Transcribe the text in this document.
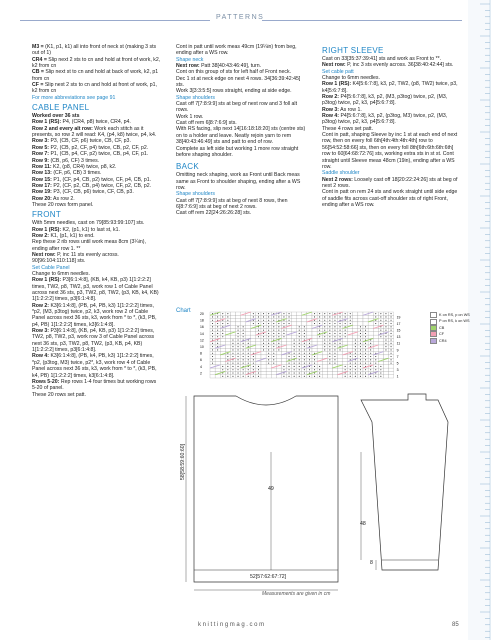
PATTERNS

M3 = (K1, p1, k1) all into front of neck st (making 3 sts out of 1)

CR4 = Slip next 2 sts to cn and hold at front of work, k2, k2 from cn

CB = Slip next st to cn and hold at back of work, k2, p1 from cn

CF = Slip next 2 sts to cn and hold at front of work, p1, k2 from cn

For more abbreviations see page 91

CABLE PANEL

Worked over 36 sts

Row 1 (RS): P4, (CR4, p8) twice, CR4, p4.

Row 2 and every alt row: Work each stitch as it presents, so row 2 will read: K4, (p4, k8) twice, p4, k4.

Row 3: P3, (CB, CF, p6) twice, CB, CF, p3.

Row 5: P2, (CB, p2, CF, p4) twice, CB, p2, CF, p2.

Row 7: P1, (CB, p4, CF, p2) twice, CB, p4, CF, p1.

Row 9: (CB, p6, CF) 3 times.

Row 11: K2, (p8, CR4) twice, p8, k2.

Row 13: (CF, p6, CB) 3 times.

Row 15: P1, (CF, p4, CB, p2) twice, CF, p4, CB, p1.

Row 17: P2, (CF, p2, CB, p4) twice, CF, p2, CB, p2.

Row 19: P3, (CF, CB, p6) twice, CF, CB, p3.

Row 20: As row 2.

These 20 rows form panel.

FRONT

With 5mm needles, cast on 79[85:93:99:107] sts.

Row 1 (RS): K2, (p1, k1) to last st, k1.

Row 2: K1, (p1, k1) to end.

Rep these 2 rib rows until work meas 8cm (3¼in), ending after row 1. **

Next row: P, inc 11 sts evenly across. 90[96:104:110:118] sts.

Set Cable Panel

Change to 6mm needles.

Row 1 (RS): P3[6:1:4:8], (KB, k4, KB, p3) 1[1:2:2:2] times, TW2, p8, TW2, p3, work row 1 of Cable Panel across next 36 sts, p3, TW2, p8, TW2, (p3, KB, k4, KB) 1[1:2:2:2] times, p3[6:1:4:8].

Row 2: K3[6:1:4:8], (PB, p4, PB, k3) 1[1:2:2:2] times, *p2, (M3, p3tog) twice, p2, k3, work row 2 of Cable Panel across next 36 sts, k3, work from * to *, (k3, PB, p4, PB) 1[1:2:2:2] times, k3[6:1:4:8].

Row 3: P3[6:1:4:8], (KB, p4, KB, p3) 1[1:2:2:2] times, TW2, p8, TW2, p3, work row 3 of Cable Panel across next 36 sts, p3, TW2, p8, TW2, (p3, KB, p4, KB) 1[1:2:2:2] times, p3[6:1:4:8].

Row 4: K3[6:1:4:8], (PB, k4, PB, k3) 1[1:2:2:2] times, *p2, (p3tog, M3) twice, p2*, k3, work row 4 of Cable Panel across next 36 sts, k3, work from * to *, (k3, PB, k4, PB) 1[1:2:2:2] times, k3[6:1:4:8].

Rows 5-20: Rep rows 1-4 four times but working rows 5-20 of panel.

These 20 rows set patt.

Cont in patt until work meas 49cm (19¼in) from beg, ending after a WS row.

Shape neck

Next row: Patt 38[40:43:46:49], turn.

Cont on this group of sts for left half of Front neck.
Dec 1 st at neck edge on next 4 rows. 34[36:39:42:45] sts.
Work 3[3:3:5:5] rows straight, ending at side edge.

Shape shoulders

Cast off 7[7:8:9:9] sts at beg of next row and 3 foll alt rows.
Work 1 row.
Cast off rem 6[8:7:6:9] sts.
With RS facing, slip next 14[16:18:18:20] sts (centre sts) on to a holder and leave. Neatly rejoin yarn to rem 38[40:43:46:49] sts and patt to end of row.
Complete as left side but working 1 more row straight before shaping shoulder.

BACK

Omitting neck shaping, work as Front until Back meas same as Front to shoulder shaping, ending after a WS row.

Shape shoulders

Cast off 7[7:8:9:9] sts at beg of next 8 rows, then 6[8:7:6:9] sts at beg of next 2 rows.
Cast off rem 22[24:26:26:28] sts.

RIGHT SLEEVE

Cast on 33[35:37:39:41] sts and work as Front to **.

Next row: P, inc 3 sts evenly across. 36[38:40:42:44] sts.

Set cable patt

Change to 6mm needles.

Row 1 (RS): K4[5:6:7:8], k3, p2, TW2, (p8, TW2) twice, p3, k4[5:6:7:8].

Row 2: P4[5:6:7:8], k3, p2, (M3, p3tog) twice, p2, (M3, p3tog) twice, p2, k3, p4[5:6:7:8].

Row 3: As row 1.

Row 4: P4[5:6:7:8], k3, p2, (p3tog, M3) twice, p2, (M3, p3tog) twice, p2, k3, p4[5:6:7:8].

These 4 rows set patt.

Cont in patt, shaping Sleeve by inc 1 st at each end of next row, then on every foll 6th[4th:4th:4th:4th] row to 56[54:52:58:66] sts, then on every foll 8th[6th:6th:6th:6th] row to 60[64:68:72:76] sts, working extra sts in st st. Cont straight until Sleeve meas 48cm (19in), ending after a WS row.

Saddle shoulder

Next 2 rows: Loosely cast off 18[20:22:24:26] sts at beg of next 2 rows.

Cont in patt on rem 24 sts and work straight until side edge of saddle fits across cast-off shoulder sts of right Front, ending after a WS row.

Chart	20
18
16
14
12
10
8
6
4
2
19
17
15
13
11
9
7
5
3
1
K on RS, p on WS
P on RS, k on WS
CB
CF
CR4
58[58:59:60:60]
49
52[57:62:67:72]
48
8
Measurements are given in cm
knittingmag.com	85
